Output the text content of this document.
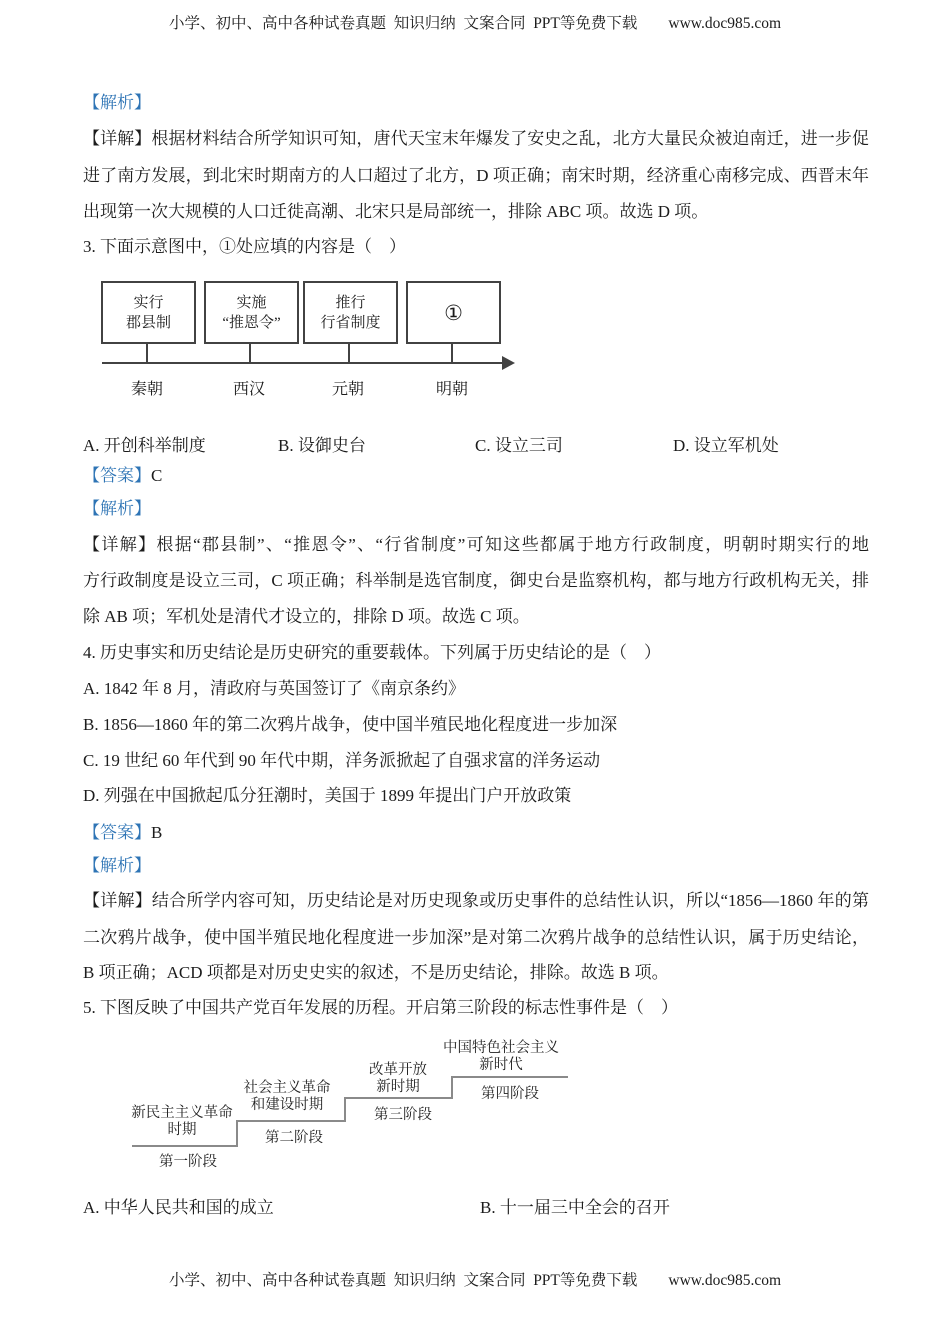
小学、初中、高中各种试卷真题  知识归纳  文案合同  PPT等免费下载　　www.doc985.com
【解析】
【详解】根据材料结合所学知识可知，唐代天宝末年爆发了安史之乱，北方大量民众被迫南迁，进一步促
进了南方发展，到北宋时期南方的人口超过了北方，D 项正确；南宋时期，经济重心南移完成、西晋末年
出现第一次大规模的人口迁徙高潮、北宋只是局部统一，排除 ABC 项。故选 D 项。
3. 下面示意图中，①处应填的内容是（　）
实行
郡县制
实施
“推恩令”
推行
行省制度	①
秦朝	西汉	元朝	明朝
A. 开创科举制度	B. 设御史台	C. 设立三司	D. 设立军机处
【答案】C
【解析】
【详解】根据“郡县制”、“推恩令”、“行省制度”可知这些都属于地方行政制度，明朝时期实行的地
方行政制度是设立三司，C 项正确；科举制是选官制度，御史台是监察机构，都与地方行政机构无关，排
除 AB 项；军机处是清代才设立的，排除 D 项。故选 C 项。
4. 历史事实和历史结论是历史研究的重要载体。下列属于历史结论的是（　）
A. 1842 年 8 月，清政府与英国签订了《南京条约》
B. 1856—1860 年的第二次鸦片战争，使中国半殖民地化程度进一步加深
C. 19 世纪 60 年代到 90 年代中期，洋务派掀起了自强求富的洋务运动
D. 列强在中国掀起瓜分狂潮时，美国于 1899 年提出门户开放政策
【答案】B
【解析】
【详解】结合所学内容可知，历史结论是对历史现象或历史事件的总结性认识，所以“1856—1860 年的第
二次鸦片战争，使中国半殖民地化程度进一步加深”是对第二次鸦片战争的总结性认识，属于历史结论，
B 项正确；ACD 项都是对历史史实的叙述，不是历史结论，排除。故选 B 项。
5. 下图反映了中国共产党百年发展的历程。开启第三阶段的标志性事件是（　）
新民主主义革命
时期
第一阶段
社会主义革命
和建设时期
第二阶段
改革开放
新时期
第三阶段
中国特色社会主义
新时代
第四阶段
A. 中华人民共和国的成立	B. 十一届三中全会的召开
小学、初中、高中各种试卷真题  知识归纳  文案合同  PPT等免费下载　　www.doc985.com
